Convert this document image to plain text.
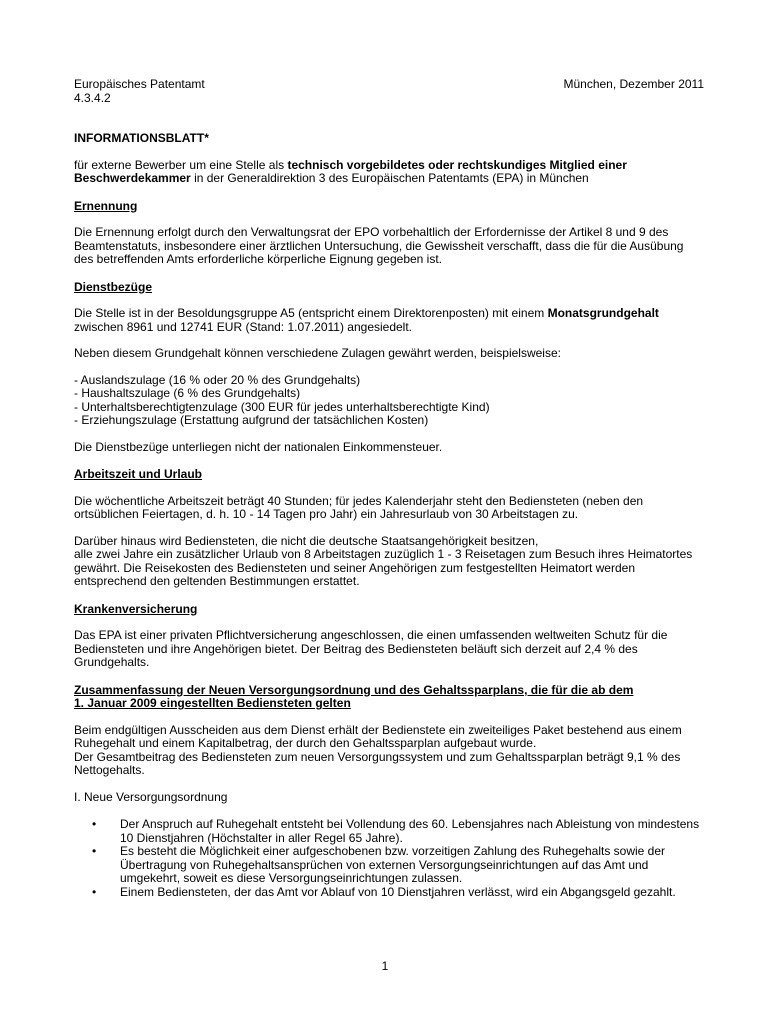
Europäisches Patentamt
4.3.4.2
München, Dezember 2011

INFORMATIONSBLATT*

für externe Bewerber um eine Stelle als technisch vorgebildetes oder rechtskundiges Mitglied einer Beschwerdekammer in der Generaldirektion 3 des Europäischen Patentamts (EPA) in München

Ernennung

Die Ernennung erfolgt durch den Verwaltungsrat der EPO vorbehaltlich der Erfordernisse der Artikel 8 und 9 des Beamtenstatuts, insbesondere einer ärztlichen Untersuchung, die Gewissheit verschafft, dass die für die Ausübung des betreffenden Amts erforderliche körperliche Eignung gegeben ist.

Dienstbezüge

Die Stelle ist in der Besoldungsgruppe A5 (entspricht einem Direktorenposten) mit einem Monatsgrundgehalt zwischen 8961 und 12741 EUR (Stand: 1.07.2011) angesiedelt.

Neben diesem Grundgehalt können verschiedene Zulagen gewährt werden, beispielsweise:

- Auslandszulage (16 % oder 20 % des Grundgehalts)
- Haushaltszulage (6 % des Grundgehalts)
- Unterhaltsberechtigtenzulage (300 EUR für jedes unterhaltsberechtigte Kind)
- Erziehungszulage (Erstattung aufgrund der tatsächlichen Kosten)

Die Dienstbezüge unterliegen nicht der nationalen Einkommensteuer.

Arbeitszeit und Urlaub

Die wöchentliche Arbeitszeit beträgt 40 Stunden; für jedes Kalenderjahr steht den Bediensteten (neben den ortsüblichen Feiertagen, d. h. 10 - 14 Tagen pro Jahr) ein Jahresurlaub von 30 Arbeitstagen zu.

Darüber hinaus wird Bediensteten, die nicht die deutsche Staatsangehörigkeit besitzen,
alle zwei Jahre ein zusätzlicher Urlaub von 8 Arbeitstagen zuzüglich 1 - 3 Reisetagen zum Besuch ihres Heimatortes gewährt. Die Reisekosten des Bediensteten und seiner Angehörigen zum festgestellten Heimatort werden entsprechend den geltenden Bestimmungen erstattet.

Krankenversicherung

Das EPA ist einer privaten Pflichtversicherung angeschlossen, die einen umfassenden weltweiten Schutz für die Bediensteten und ihre Angehörigen bietet. Der Beitrag des Bediensteten beläuft sich derzeit auf 2,4 % des Grundgehalts.

Zusammenfassung der Neuen Versorgungsordnung und des Gehaltssparplans, die für die ab dem
1. Januar 2009 eingestellten Bediensteten gelten

Beim endgültigen Ausscheiden aus dem Dienst erhält der Bedienstete ein zweiteiliges Paket bestehend aus einem Ruhegehalt und einem Kapitalbetrag, der durch den Gehaltssparplan aufgebaut wurde.
Der Gesamtbeitrag des Bediensteten zum neuen Versorgungssystem und zum Gehaltssparplan beträgt 9,1 % des Nettogehalts.

I. Neue Versorgungsordnung

• Der Anspruch auf Ruhegehalt entsteht bei Vollendung des 60. Lebensjahres nach Ableistung von mindestens 10 Dienstjahren (Höchstalter in aller Regel 65 Jahre).
• Es besteht die Möglichkeit einer aufgeschobenen bzw. vorzeitigen Zahlung des Ruhegehalts sowie der Übertragung von Ruhegehaltsansprüchen von externen Versorgungseinrichtungen auf das Amt und umgekehrt, soweit es diese Versorgungseinrichtungen zulassen.
• Einem Bediensteten, der das Amt vor Ablauf von 10 Dienstjahren verlässt, wird ein Abgangsgeld gezahlt.
1
